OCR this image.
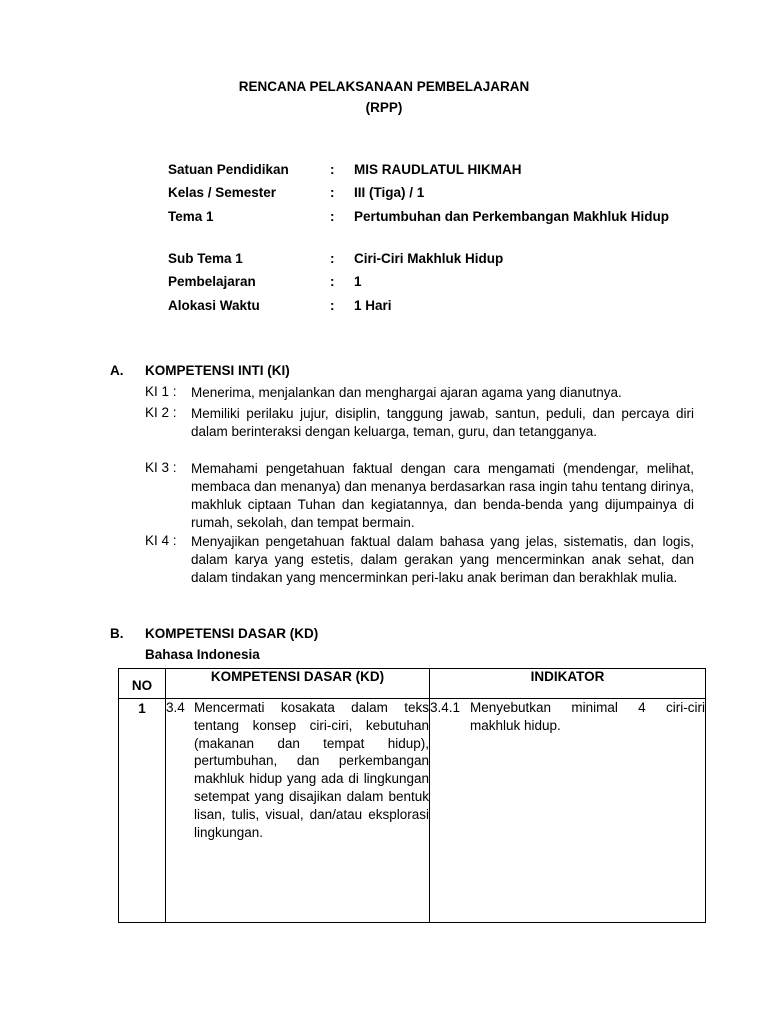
RENCANA PELAKSANAAN PEMBELAJARAN
(RPP)
Satuan Pendidikan	: MIS RAUDLATUL HIKMAH
Kelas / Semester	: III (Tiga) / 1
Tema 1	: Pertumbuhan dan Perkembangan Makhluk Hidup
Sub Tema 1	: Ciri-Ciri Makhluk Hidup
Pembelajaran	: 1
Alokasi Waktu	: 1 Hari
A. KOMPETENSI INTI (KI)
KI 1 : Menerima, menjalankan dan menghargai ajaran agama yang dianutnya.
KI 2 : Memiliki perilaku jujur, disiplin, tanggung jawab, santun, peduli, dan percaya diri dalam berinteraksi dengan keluarga, teman, guru, dan tetangganya.
KI 3 : Memahami pengetahuan faktual dengan cara mengamati (mendengar, melihat, membaca dan menanya) dan menanya berdasarkan rasa ingin tahu tentang dirinya, makhluk ciptaan Tuhan dan kegiatannya, dan benda-benda yang dijumpainya di rumah, sekolah, dan tempat bermain.
KI 4 : Menyajikan pengetahuan faktual dalam bahasa yang jelas, sistematis, dan logis, dalam karya yang estetis, dalam gerakan yang mencerminkan anak sehat, dan dalam tindakan yang mencerminkan peri-laku anak beriman dan berakhlak mulia.
B. KOMPETENSI DASAR (KD)
Bahasa Indonesia
NO	KOMPETENSI DASAR (KD)	INDIKATOR
1	3.4 Mencermati kosakata dalam teks tentang konsep ciri-ciri, kebutuhan (makanan dan tempat hidup), pertumbuhan, dan perkembangan makhluk hidup yang ada di lingkungan setempat yang disajikan dalam bentuk lisan, tulis, visual, dan/atau eksplorasi lingkungan.	3.4.1 Menyebutkan minimal 4 ciri-ciri makhluk hidup.
